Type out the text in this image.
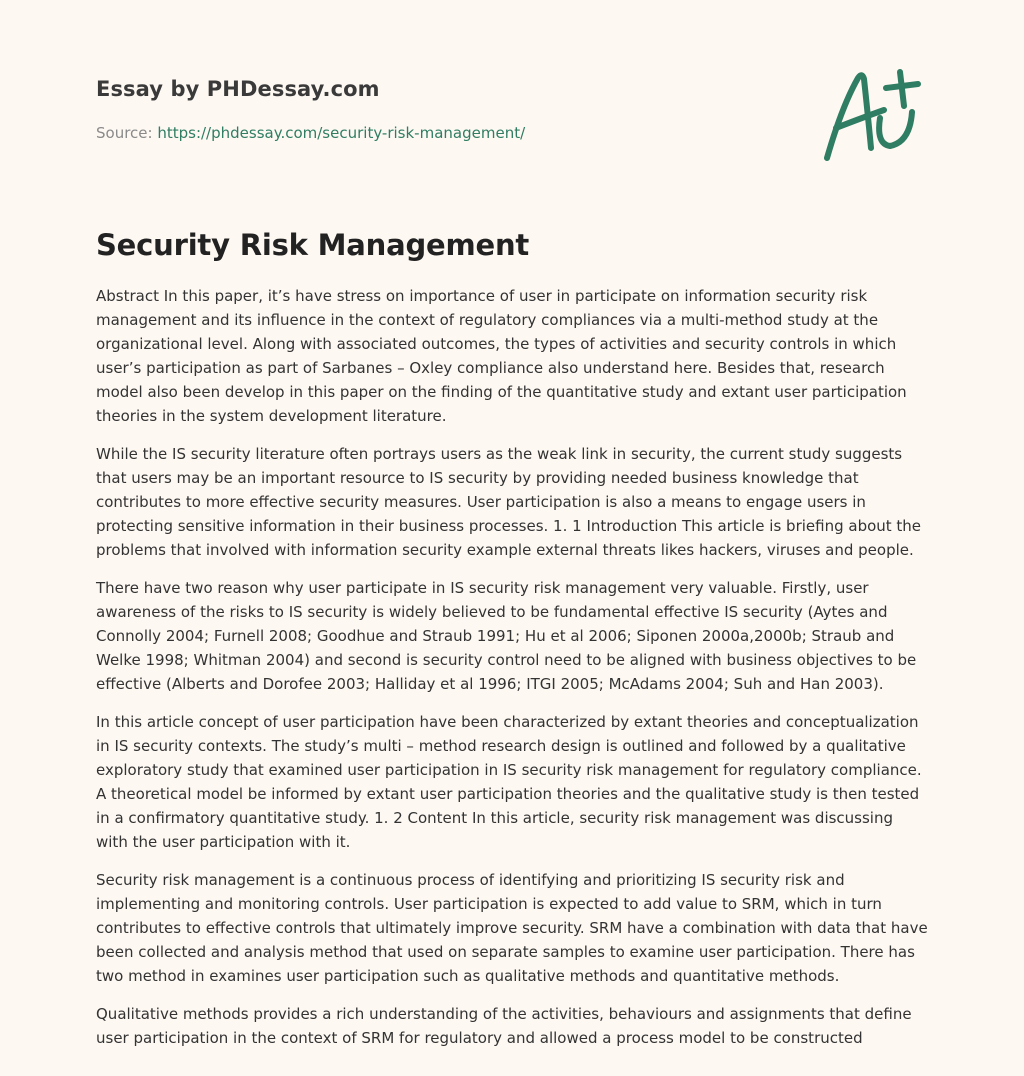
Essay by PHDessay.com
Source: https://phdessay.com/security-risk-management/
Security Risk Management

Abstract In this paper, it’s have stress on importance of user in participate on information security risk management and its influence in the context of regulatory compliances via a multi-method study at the organizational level. Along with associated outcomes, the types of activities and security controls in which user’s participation as part of Sarbanes – Oxley compliance also understand here. Besides that, research model also been develop in this paper on the finding of the quantitative study and extant user participation theories in the system development literature.

While the IS security literature often portrays users as the weak link in security, the current study suggests that users may be an important resource to IS security by providing needed business knowledge that contributes to more effective security measures. User participation is also a means to engage users in protecting sensitive information in their business processes. 1. 1 Introduction This article is briefing about the problems that involved with information security example external threats likes hackers, viruses and people.

There have two reason why user participate in IS security risk management very valuable. Firstly, user awareness of the risks to IS security is widely believed to be fundamental effective IS security (Aytes and Connolly 2004; Furnell 2008; Goodhue and Straub 1991; Hu et al 2006; Siponen 2000a,2000b; Straub and Welke 1998; Whitman 2004) and second is security control need to be aligned with business objectives to be effective (Alberts and Dorofee 2003; Halliday et al 1996; ITGI 2005; McAdams 2004; Suh and Han 2003).

In this article concept of user participation have been characterized by extant theories and conceptualization in IS security contexts. The study’s multi – method research design is outlined and followed by a qualitative exploratory study that examined user participation in IS security risk management for regulatory compliance. A theoretical model be informed by extant user participation theories and the qualitative study is then tested in a confirmatory quantitative study. 1. 2 Content In this article, security risk management was discussing with the user participation with it.

Security risk management is a continuous process of identifying and prioritizing IS security risk and implementing and monitoring controls. User participation is expected to add value to SRM, which in turn contributes to effective controls that ultimately improve security. SRM have a combination with data that have been collected and analysis method that used on separate samples to examine user participation. There has two method in examines user participation such as qualitative methods and quantitative methods.

Qualitative methods provides a rich understanding of the activities, behaviours and assignments that define user participation in the context of SRM for regulatory and allowed a process model to be constructed
